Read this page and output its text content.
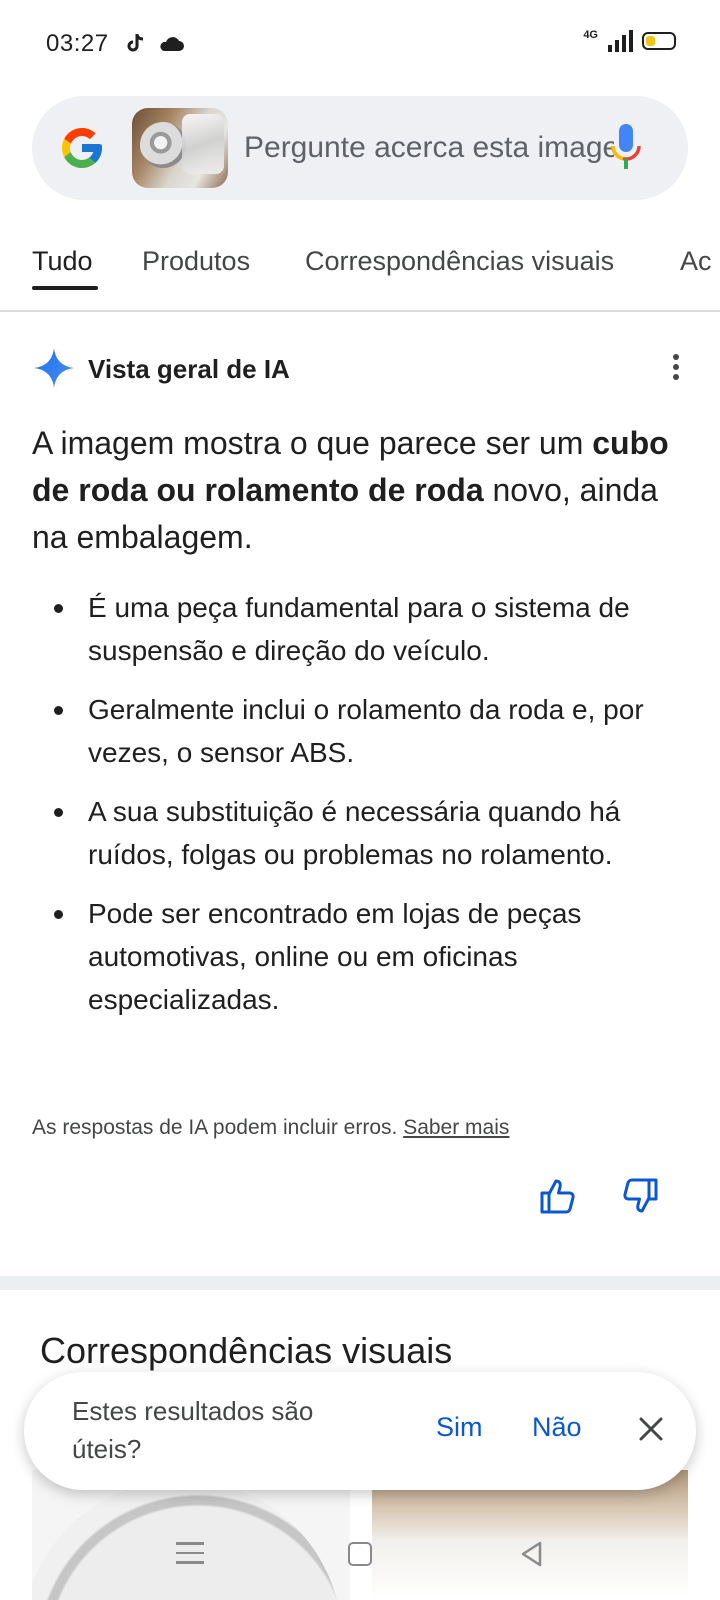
03:27	4G
Pergunte acerca esta imagem
Tudo Produtos Correspondências visuais Ac
Vista geral de IA

A imagem mostra o que parece ser um cubo de roda ou rolamento de roda novo, ainda na embalagem.

É uma peça fundamental para o sistema de suspensão e direção do veículo.
Geralmente inclui o rolamento da roda e, por vezes, o sensor ABS.
A sua substituição é necessária quando há ruídos, folgas ou problemas no rolamento.
Pode ser encontrado em lojas de peças automotivas, online ou em oficinas especializadas.

As respostas de IA podem incluir erros. Saber mais

Correspondências visuais

Estes resultados são úteis?

Sim Não
